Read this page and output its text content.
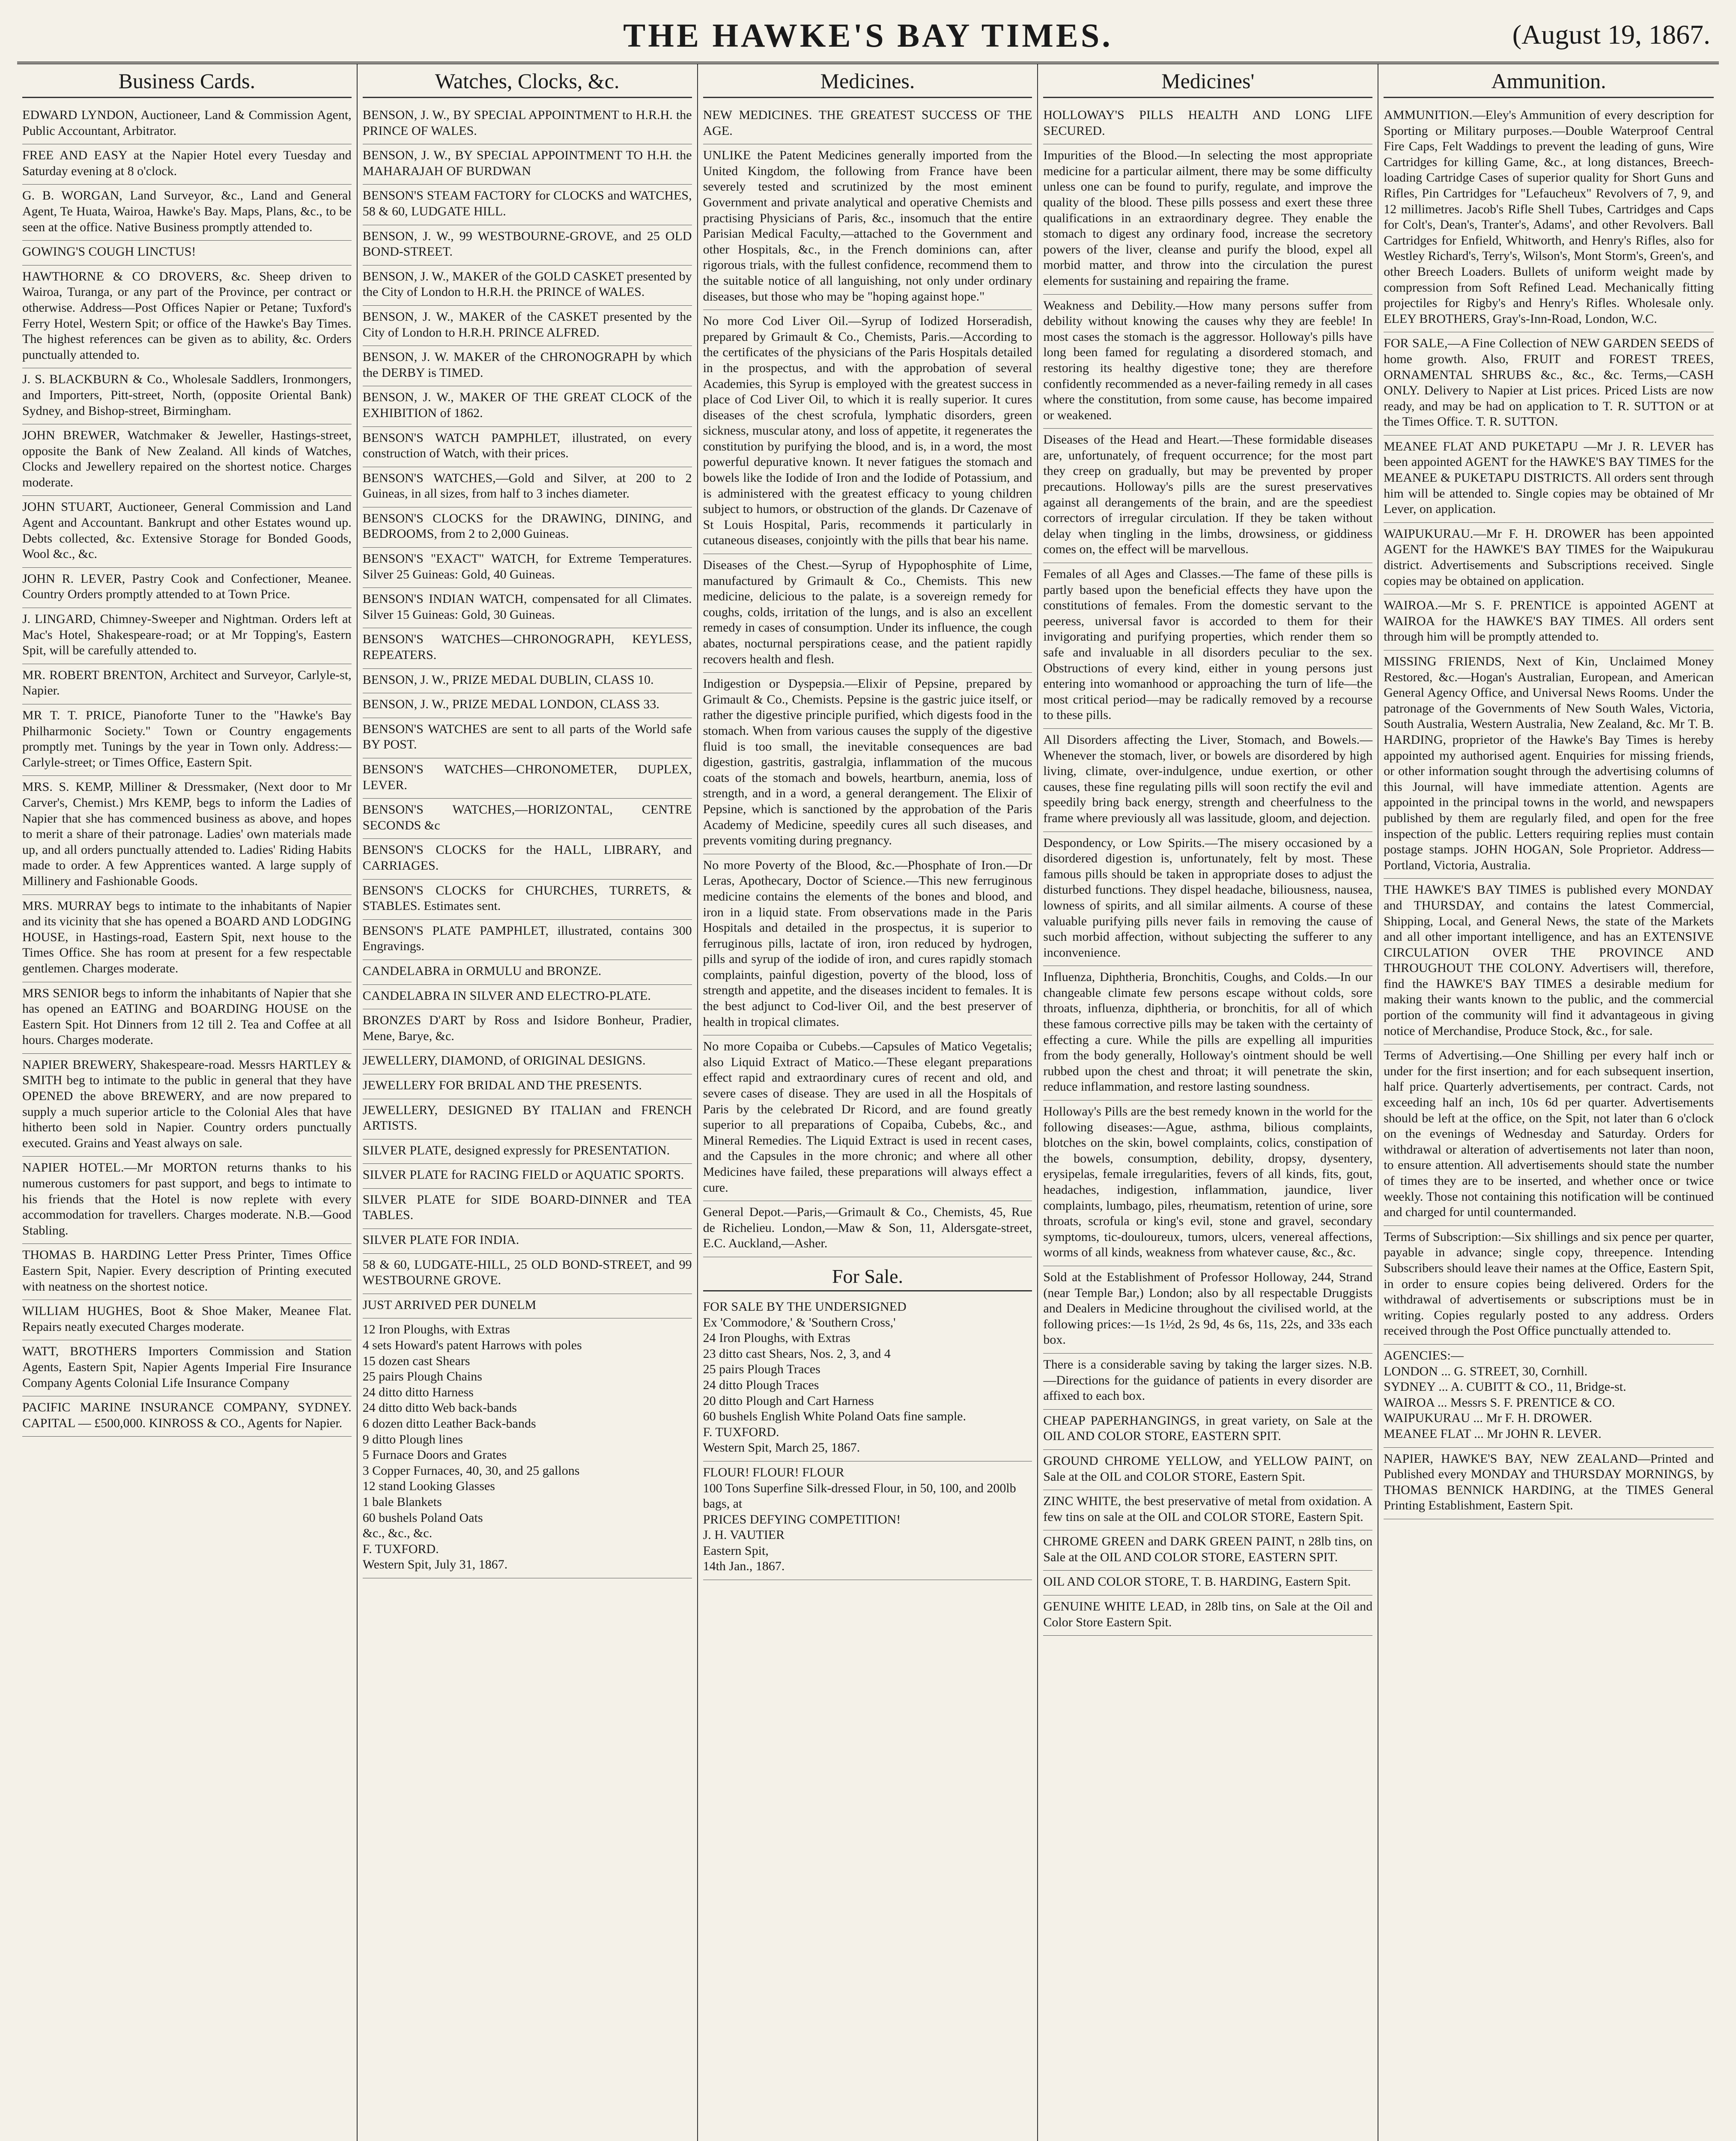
THE HAWKE'S BAY TIMES.	(August 19, 1867.
Business Cards.
EDWARD LYNDON, Auctioneer, Land & Commission Agent, Public Accountant, Arbitrator.
FREE AND EASY at the Napier Hotel every Tuesday and Saturday evening at 8 o'clock.
G. B. WORGAN, Land Surveyor, &c., Land and General Agent, Te Huata, Wairoa, Hawke's Bay. Maps, Plans, &c., to be seen at the office. Native Business promptly attended to.
GOWING'S COUGH LINCTUS!
HAWTHORNE & CO DROVERS, &c. Sheep driven to Wairoa, Turanga, or any part of the Province, per contract or otherwise. Address—Post Offices Napier or Petane; Tuxford's Ferry Hotel, Western Spit; or office of the Hawke's Bay Times. The highest references can be given as to ability, &c. Orders punctually attended to.
J. S. BLACKBURN & Co., Wholesale Saddlers, Ironmongers, and Importers, Pitt-street, North, (opposite Oriental Bank) Sydney, and Bishop-street, Birmingham.
JOHN BREWER, Watchmaker & Jeweller, Hastings-street, opposite the Bank of New Zealand. All kinds of Watches, Clocks and Jewellery repaired on the shortest notice. Charges moderate.
JOHN STUART, Auctioneer, General Commission and Land Agent and Accountant. Bankrupt and other Estates wound up. Debts collected, &c. Extensive Storage for Bonded Goods, Wool &c., &c.
JOHN R. LEVER, Pastry Cook and Confectioner, Meanee. Country Orders promptly attended to at Town Price.
J. LINGARD, Chimney-Sweeper and Nightman. Orders left at Mac's Hotel, Shakespeare-road; or at Mr Topping's, Eastern Spit, will be carefully attended to.
MR. ROBERT BRENTON, Architect and Surveyor, Carlyle-st, Napier.
MR T. T. PRICE, Pianoforte Tuner to the "Hawke's Bay Philharmonic Society." Town or Country engagements promptly met. Tunings by the year in Town only. Address:— Carlyle-street; or Times Office, Eastern Spit.
MRS. S. KEMP, Milliner & Dressmaker, (Next door to Mr Carver's, Chemist.) Mrs KEMP, begs to inform the Ladies of Napier that she has commenced business as above, and hopes to merit a share of their patronage. Ladies' own materials made up, and all orders punctually attended to. Ladies' Riding Habits made to order. A few Apprentices wanted. A large supply of Millinery and Fashionable Goods.
MRS. MURRAY begs to intimate to the inhabitants of Napier and its vicinity that she has opened a BOARD AND LODGING HOUSE, in Hastings-road, Eastern Spit, next house to the Times Office. She has room at present for a few respectable gentlemen. Charges moderate.
MRS SENIOR begs to inform the inhabitants of Napier that she has opened an EATING and BOARDING HOUSE on the Eastern Spit. Hot Dinners from 12 till 2. Tea and Coffee at all hours. Charges moderate.
NAPIER BREWERY, Shakespeare-road. Messrs HARTLEY & SMITH beg to intimate to the public in general that they have OPENED the above BREWERY, and are now prepared to supply a much superior article to the Colonial Ales that have hitherto been sold in Napier. Country orders punctually executed. Grains and Yeast always on sale.
NAPIER HOTEL.—Mr MORTON returns thanks to his numerous customers for past support, and begs to intimate to his friends that the Hotel is now replete with every accommodation for travellers. Charges moderate. N.B.—Good Stabling.
THOMAS B. HARDING Letter Press Printer, Times Office Eastern Spit, Napier. Every description of Printing executed with neatness on the shortest notice.
WILLIAM HUGHES, Boot & Shoe Maker, Meanee Flat. Repairs neatly executed Charges moderate.
WATT, BROTHERS Importers Commission and Station Agents, Eastern Spit, Napier Agents Imperial Fire Insurance Company Agents Colonial Life Insurance Company
PACIFIC MARINE INSURANCE COMPANY, SYDNEY. CAPITAL — £500,000. KINROSS & CO., Agents for Napier.
Watches, Clocks, &c.
BENSON, J. W., BY SPECIAL APPOINTMENT to H.R.H. the PRINCE OF WALES.
BENSON, J. W., BY SPECIAL APPOINTMENT TO H.H. the MAHARAJAH OF BURDWAN
BENSON'S STEAM FACTORY for CLOCKS and WATCHES, 58 & 60, LUDGATE HILL.
BENSON, J. W., 99 WESTBOURNE-GROVE, and 25 OLD BOND-STREET.
BENSON, J. W., MAKER of the GOLD CASKET presented by the City of London to H.R.H. the PRINCE of WALES.
BENSON, J. W., MAKER of the CASKET presented by the City of London to H.R.H. PRINCE ALFRED.
BENSON, J. W. MAKER of the CHRONOGRAPH by which the DERBY is TIMED.
BENSON, J. W., MAKER OF THE GREAT CLOCK of the EXHIBITION of 1862.
BENSON'S WATCH PAMPHLET, illustrated, on every construction of Watch, with their prices.
BENSON'S WATCHES,—Gold and Silver, at 200 to 2 Guineas, in all sizes, from half to 3 inches diameter.
BENSON'S CLOCKS for the DRAWING, DINING, and BEDROOMS, from 2 to 2,000 Guineas.
BENSON'S "EXACT" WATCH, for Extreme Temperatures. Silver 25 Guineas: Gold, 40 Guineas.
BENSON'S INDIAN WATCH, compensated for all Climates. Silver 15 Guineas: Gold, 30 Guineas.
BENSON'S WATCHES—CHRONOGRAPH, KEYLESS, REPEATERS.
BENSON, J. W., PRIZE MEDAL DUBLIN, CLASS 10.
BENSON, J. W., PRIZE MEDAL LONDON, CLASS 33.
BENSON'S WATCHES are sent to all parts of the World safe BY POST.
BENSON'S WATCHES—CHRONOMETER, DUPLEX, LEVER.
BENSON'S WATCHES,—HORIZONTAL, CENTRE SECONDS &c
BENSON'S CLOCKS for the HALL, LIBRARY, and CARRIAGES.
BENSON'S CLOCKS for CHURCHES, TURRETS, & STABLES. Estimates sent.
BENSON'S PLATE PAMPHLET, illustrated, contains 300 Engravings.
CANDELABRA in ORMULU and BRONZE.
CANDELABRA IN SILVER AND ELECTRO-PLATE.
BRONZES D'ART by Ross and Isidore Bonheur, Pradier, Mene, Barye, &c.
JEWELLERY, DIAMOND, of ORIGINAL DESIGNS.
JEWELLERY FOR BRIDAL AND THE PRESENTS.
JEWELLERY, DESIGNED BY ITALIAN and FRENCH ARTISTS.
SILVER PLATE, designed expressly for PRESENTATION.
SILVER PLATE for RACING FIELD or AQUATIC SPORTS.
SILVER PLATE for SIDE BOARD-DINNER and TEA TABLES.
SILVER PLATE FOR INDIA.
58 & 60, LUDGATE-HILL, 25 OLD BOND-STREET, and 99 WESTBOURNE GROVE.
JUST ARRIVED PER DUNELM
12 Iron Ploughs, with Extras
4 sets Howard's patent Harrows with poles
15 dozen cast Shears
25 pairs Plough Chains
24 ditto ditto Harness
24 ditto ditto Web back-bands
6 dozen ditto Leather Back-bands
9 ditto Plough lines
5 Furnace Doors and Grates
3 Copper Furnaces, 40, 30, and 25 gallons
12 stand Looking Glasses
1 bale Blankets
60 bushels Poland Oats
&c., &c., &c.
F. TUXFORD.
Western Spit, July 31, 1867.
Medicines.
NEW MEDICINES. THE GREATEST SUCCESS OF THE AGE.
UNLIKE the Patent Medicines generally imported from the United Kingdom, the following from France have been severely tested and scrutinized by the most eminent Government and private analytical and operative Chemists and practising Physicians of Paris, &c., insomuch that the entire Parisian Medical Faculty,—attached to the Government and other Hospitals, &c., in the French dominions can, after rigorous trials, with the fullest confidence, recommend them to the suitable notice of all languishing, not only under ordinary diseases, but those who may be "hoping against hope."
No more Cod Liver Oil.—Syrup of Iodized Horseradish, prepared by Grimault & Co., Chemists, Paris.—According to the certificates of the physicians of the Paris Hospitals detailed in the prospectus, and with the approbation of several Academies, this Syrup is employed with the greatest success in place of Cod Liver Oil, to which it is really superior. It cures diseases of the chest scrofula, lymphatic disorders, green sickness, muscular atony, and loss of appetite, it regenerates the constitution by purifying the blood, and is, in a word, the most powerful depurative known. It never fatigues the stomach and bowels like the Iodide of Iron and the Iodide of Potassium, and is administered with the greatest efficacy to young children subject to humors, or obstruction of the glands. Dr Cazenave of St Louis Hospital, Paris, recommends it particularly in cutaneous diseases, conjointly with the pills that bear his name.
Diseases of the Chest.—Syrup of Hypophosphite of Lime, manufactured by Grimault & Co., Chemists. This new medicine, delicious to the palate, is a sovereign remedy for coughs, colds, irritation of the lungs, and is also an excellent remedy in cases of consumption. Under its influence, the cough abates, nocturnal perspirations cease, and the patient rapidly recovers health and flesh.
Indigestion or Dyspepsia.—Elixir of Pepsine, prepared by Grimault & Co., Chemists. Pepsine is the gastric juice itself, or rather the digestive principle purified, which digests food in the stomach. When from various causes the supply of the digestive fluid is too small, the inevitable consequences are bad digestion, gastritis, gastralgia, inflammation of the mucous coats of the stomach and bowels, heartburn, anemia, loss of strength, and in a word, a general derangement. The Elixir of Pepsine, which is sanctioned by the approbation of the Paris Academy of Medicine, speedily cures all such diseases, and prevents vomiting during pregnancy.
No more Poverty of the Blood, &c.—Phosphate of Iron.—Dr Leras, Apothecary, Doctor of Science.—This new ferruginous medicine contains the elements of the bones and blood, and iron in a liquid state. From observations made in the Paris Hospitals and detailed in the prospectus, it is superior to ferruginous pills, lactate of iron, iron reduced by hydrogen, pills and syrup of the iodide of iron, and cures rapidly stomach complaints, painful digestion, poverty of the blood, loss of strength and appetite, and the diseases incident to females. It is the best adjunct to Cod-liver Oil, and the best preserver of health in tropical climates.
No more Copaiba or Cubebs.—Capsules of Matico Vegetalis; also Liquid Extract of Matico.—These elegant preparations effect rapid and extraordinary cures of recent and old, and severe cases of disease. They are used in all the Hospitals of Paris by the celebrated Dr Ricord, and are found greatly superior to all preparations of Copaiba, Cubebs, &c., and Mineral Remedies. The Liquid Extract is used in recent cases, and the Capsules in the more chronic; and where all other Medicines have failed, these preparations will always effect a cure.
General Depot.—Paris,—Grimault & Co., Chemists, 45, Rue de Richelieu. London,—Maw & Son, 11, Aldersgate-street, E.C. Auckland,—Asher.
For Sale.
FOR SALE BY THE UNDERSIGNED
Ex 'Commodore,' & 'Southern Cross,'
24 Iron Ploughs, with Extras
23 ditto cast Shears, Nos. 2, 3, and 4
25 pairs Plough Traces
24 ditto Plough Traces
20 ditto Plough and Cart Harness
60 bushels English White Poland Oats fine sample.
F. TUXFORD.
Western Spit, March 25, 1867.
FLOUR! FLOUR! FLOUR
100 Tons Superfine Silk-dressed Flour, in 50, 100, and 200lb bags, at
PRICES DEFYING COMPETITION!
J. H. VAUTIER
Eastern Spit,
14th Jan., 1867.
Medicines'
HOLLOWAY'S PILLS HEALTH AND LONG LIFE SECURED.
Impurities of the Blood.—In selecting the most appropriate medicine for a particular ailment, there may be some difficulty unless one can be found to purify, regulate, and improve the quality of the blood. These pills possess and exert these three qualifications in an extraordinary degree. They enable the stomach to digest any ordinary food, increase the secretory powers of the liver, cleanse and purify the blood, expel all morbid matter, and throw into the circulation the purest elements for sustaining and repairing the frame.
Weakness and Debility.—How many persons suffer from debility without knowing the causes why they are feeble! In most cases the stomach is the aggressor. Holloway's pills have long been famed for regulating a disordered stomach, and restoring its healthy digestive tone; they are therefore confidently recommended as a never-failing remedy in all cases where the constitution, from some cause, has become impaired or weakened.
Diseases of the Head and Heart.—These formidable diseases are, unfortunately, of frequent occurrence; for the most part they creep on gradually, but may be prevented by proper precautions. Holloway's pills are the surest preservatives against all derangements of the brain, and are the speediest correctors of irregular circulation. If they be taken without delay when tingling in the limbs, drowsiness, or giddiness comes on, the effect will be marvellous.
Females of all Ages and Classes.—The fame of these pills is partly based upon the beneficial effects they have upon the constitutions of females. From the domestic servant to the peeress, universal favor is accorded to them for their invigorating and purifying properties, which render them so safe and invaluable in all disorders peculiar to the sex. Obstructions of every kind, either in young persons just entering into womanhood or approaching the turn of life—the most critical period—may be radically removed by a recourse to these pills.
All Disorders affecting the Liver, Stomach, and Bowels.—Whenever the stomach, liver, or bowels are disordered by high living, climate, over-indulgence, undue exertion, or other causes, these fine regulating pills will soon rectify the evil and speedily bring back energy, strength and cheerfulness to the frame where previously all was lassitude, gloom, and dejection.
Despondency, or Low Spirits.—The misery occasioned by a disordered digestion is, unfortunately, felt by most. These famous pills should be taken in appropriate doses to adjust the disturbed functions. They dispel headache, biliousness, nausea, lowness of spirits, and all similar ailments. A course of these valuable purifying pills never fails in removing the cause of such morbid affection, without subjecting the sufferer to any inconvenience.
Influenza, Diphtheria, Bronchitis, Coughs, and Colds.—In our changeable climate few persons escape without colds, sore throats, influenza, diphtheria, or bronchitis, for all of which these famous corrective pills may be taken with the certainty of effecting a cure. While the pills are expelling all impurities from the body generally, Holloway's ointment should be well rubbed upon the chest and throat; it will penetrate the skin, reduce inflammation, and restore lasting soundness.
Holloway's Pills are the best remedy known in the world for the following diseases:—Ague, asthma, bilious complaints, blotches on the skin, bowel complaints, colics, constipation of the bowels, consumption, debility, dropsy, dysentery, erysipelas, female irregularities, fevers of all kinds, fits, gout, headaches, indigestion, inflammation, jaundice, liver complaints, lumbago, piles, rheumatism, retention of urine, sore throats, scrofula or king's evil, stone and gravel, secondary symptoms, tic-douloureux, tumors, ulcers, venereal affections, worms of all kinds, weakness from whatever cause, &c., &c.
Sold at the Establishment of Professor Holloway, 244, Strand (near Temple Bar,) London; also by all respectable Druggists and Dealers in Medicine throughout the civilised world, at the following prices:—1s 1½d, 2s 9d, 4s 6s, 11s, 22s, and 33s each box.
There is a considerable saving by taking the larger sizes. N.B.—Directions for the guidance of patients in every disorder are affixed to each box.
CHEAP PAPERHANGINGS, in great variety, on Sale at the OIL AND COLOR STORE, EASTERN SPIT.
GROUND CHROME YELLOW, and YELLOW PAINT, on Sale at the OIL and COLOR STORE, Eastern Spit.
ZINC WHITE, the best preservative of metal from oxidation. A few tins on sale at the OIL and COLOR STORE, Eastern Spit.
CHROME GREEN and DARK GREEN PAINT, n 28lb tins, on Sale at the OIL AND COLOR STORE, EASTERN SPIT.
OIL AND COLOR STORE, T. B. HARDING, Eastern Spit.
GENUINE WHITE LEAD, in 28lb tins, on Sale at the Oil and Color Store Eastern Spit.
Ammunition.
AMMUNITION.—Eley's Ammunition of every description for Sporting or Military purposes.—Double Waterproof Central Fire Caps, Felt Waddings to prevent the leading of guns, Wire Cartridges for killing Game, &c., at long distances, Breech-loading Cartridge Cases of superior quality for Short Guns and Rifles, Pin Cartridges for "Lefaucheux" Revolvers of 7, 9, and 12 millimetres. Jacob's Rifle Shell Tubes, Cartridges and Caps for Colt's, Dean's, Tranter's, Adams', and other Revolvers. Ball Cartridges for Enfield, Whitworth, and Henry's Rifles, also for Westley Richard's, Terry's, Wilson's, Mont Storm's, Green's, and other Breech Loaders. Bullets of uniform weight made by compression from Soft Refined Lead. Mechanically fitting projectiles for Rigby's and Henry's Rifles. Wholesale only. ELEY BROTHERS, Gray's-Inn-Road, London, W.C.
FOR SALE,—A Fine Collection of NEW GARDEN SEEDS of home growth. Also, FRUIT and FOREST TREES, ORNAMENTAL SHRUBS &c., &c., &c. Terms,—CASH ONLY. Delivery to Napier at List prices. Priced Lists are now ready, and may be had on application to T. R. SUTTON or at the Times Office. T. R. SUTTON.
MEANEE FLAT AND PUKETAPU —Mr J. R. LEVER has been appointed AGENT for the HAWKE'S BAY TIMES for the MEANEE & PUKETAPU DISTRICTS. All orders sent through him will be attended to. Single copies may be obtained of Mr Lever, on application.
WAIPUKURAU.—Mr F. H. DROWER has been appointed AGENT for the HAWKE'S BAY TIMES for the Waipukurau district. Advertisements and Subscriptions received. Single copies may be obtained on application.
WAIROA.—Mr S. F. PRENTICE is appointed AGENT at WAIROA for the HAWKE'S BAY TIMES. All orders sent through him will be promptly attended to.
MISSING FRIENDS, Next of Kin, Unclaimed Money Restored, &c.—Hogan's Australian, European, and American General Agency Office, and Universal News Rooms. Under the patronage of the Governments of New South Wales, Victoria, South Australia, Western Australia, New Zealand, &c. Mr T. B. HARDING, proprietor of the Hawke's Bay Times is hereby appointed my authorised agent. Enquiries for missing friends, or other information sought through the advertising columns of this Journal, will have immediate attention. Agents are appointed in the principal towns in the world, and newspapers published by them are regularly filed, and open for the free inspection of the public. Letters requiring replies must contain postage stamps. JOHN HOGAN, Sole Proprietor. Address—Portland, Victoria, Australia.
THE HAWKE'S BAY TIMES is published every MONDAY and THURSDAY, and contains the latest Commercial, Shipping, Local, and General News, the state of the Markets and all other important intelligence, and has an EXTENSIVE CIRCULATION OVER THE PROVINCE AND THROUGHOUT THE COLONY. Advertisers will, therefore, find the HAWKE'S BAY TIMES a desirable medium for making their wants known to the public, and the commercial portion of the community will find it advantageous in giving notice of Merchandise, Produce Stock, &c., for sale.
Terms of Advertising.—One Shilling per every half inch or under for the first insertion; and for each subsequent insertion, half price. Quarterly advertisements, per contract. Cards, not exceeding half an inch, 10s 6d per quarter. Advertisements should be left at the office, on the Spit, not later than 6 o'clock on the evenings of Wednesday and Saturday. Orders for withdrawal or alteration of advertisements not later than noon, to ensure attention. All advertisements should state the number of times they are to be inserted, and whether once or twice weekly. Those not containing this notification will be continued and charged for until countermanded.
Terms of Subscription:—Six shillings and six pence per quarter, payable in advance; single copy, threepence. Intending Subscribers should leave their names at the Office, Eastern Spit, in order to ensure copies being delivered. Orders for the withdrawal of advertisements or subscriptions must be in writing. Copies regularly posted to any address. Orders received through the Post Office punctually attended to.
AGENCIES:—
LONDON ... G. STREET, 30, Cornhill.
SYDNEY ... A. CUBITT & CO., 11, Bridge-st.
WAIROA ... Messrs S. F. PRENTICE & CO.
WAIPUKURAU ... Mr F. H. DROWER.
MEANEE FLAT ... Mr JOHN R. LEVER.
NAPIER, HAWKE'S BAY, NEW ZEALAND—Printed and Published every MONDAY and THURSDAY MORNINGS, by THOMAS BENNICK HARDING, at the TIMES General Printing Establishment, Eastern Spit.
